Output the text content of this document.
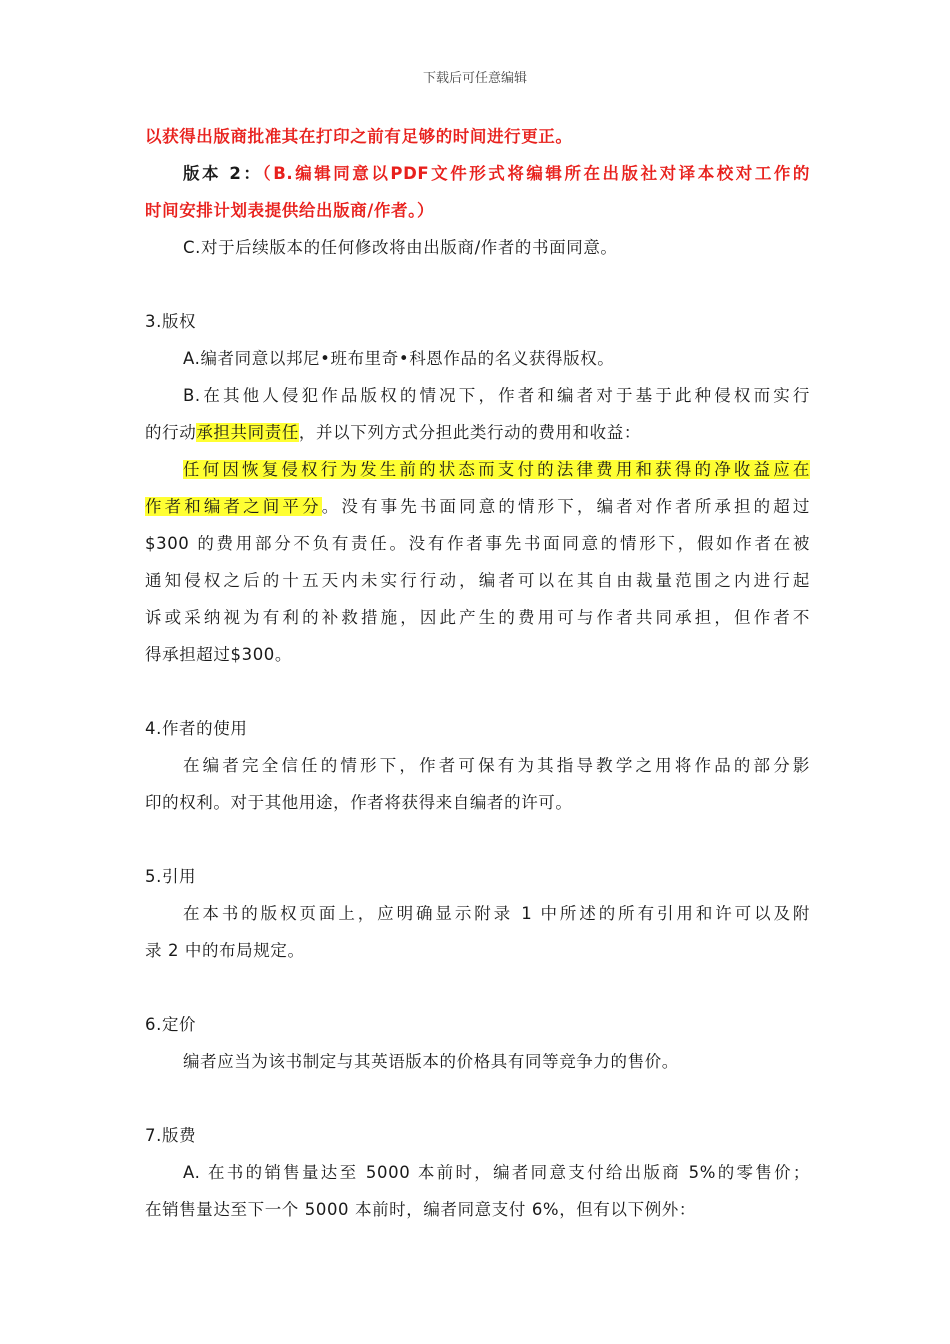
下载后可任意编辑

以获得出版商批准其在打印之前有足够的时间进行更正。

版本 2：（B.编辑同意以PDF文件形式将编辑所在出版社对译本校对工作的

时间安排计划表提供给出版商/作者。）

C.对于后续版本的任何修改将由出版商/作者的书面同意。

3.版权

A.编者同意以邦尼•班布里奇•科恩作品的名义获得版权。

B.在其他人侵犯作品版权的情况下，作者和编者对于基于此种侵权而实行

的行动承担共同责任，并以下列方式分担此类行动的费用和收益：

任何因恢复侵权行为发生前的状态而支付的法律费用和获得的净收益应在

作者和编者之间平分。没有事先书面同意的情形下，编者对作者所承担的超过

$300 的费用部分不负有责任。没有作者事先书面同意的情形下，假如作者在被

通知侵权之后的十五天内未实行行动，编者可以在其自由裁量范围之内进行起

诉或采纳视为有利的补救措施，因此产生的费用可与作者共同承担，但作者不

得承担超过$300。

4.作者的使用

在编者完全信任的情形下，作者可保有为其指导教学之用将作品的部分影

印的权利。对于其他用途，作者将获得来自编者的许可。

5.引用

在本书的版权页面上，应明确显示附录 1 中所述的所有引用和许可以及附

录 2 中的布局规定。

6.定价

编者应当为该书制定与其英语版本的价格具有同等竞争力的售价。

7.版费

A. 在书的销售量达至 5000 本前时，编者同意支付给出版商 5%的零售价；

在销售量达至下一个 5000 本前时，编者同意支付 6%，但有以下例外：
